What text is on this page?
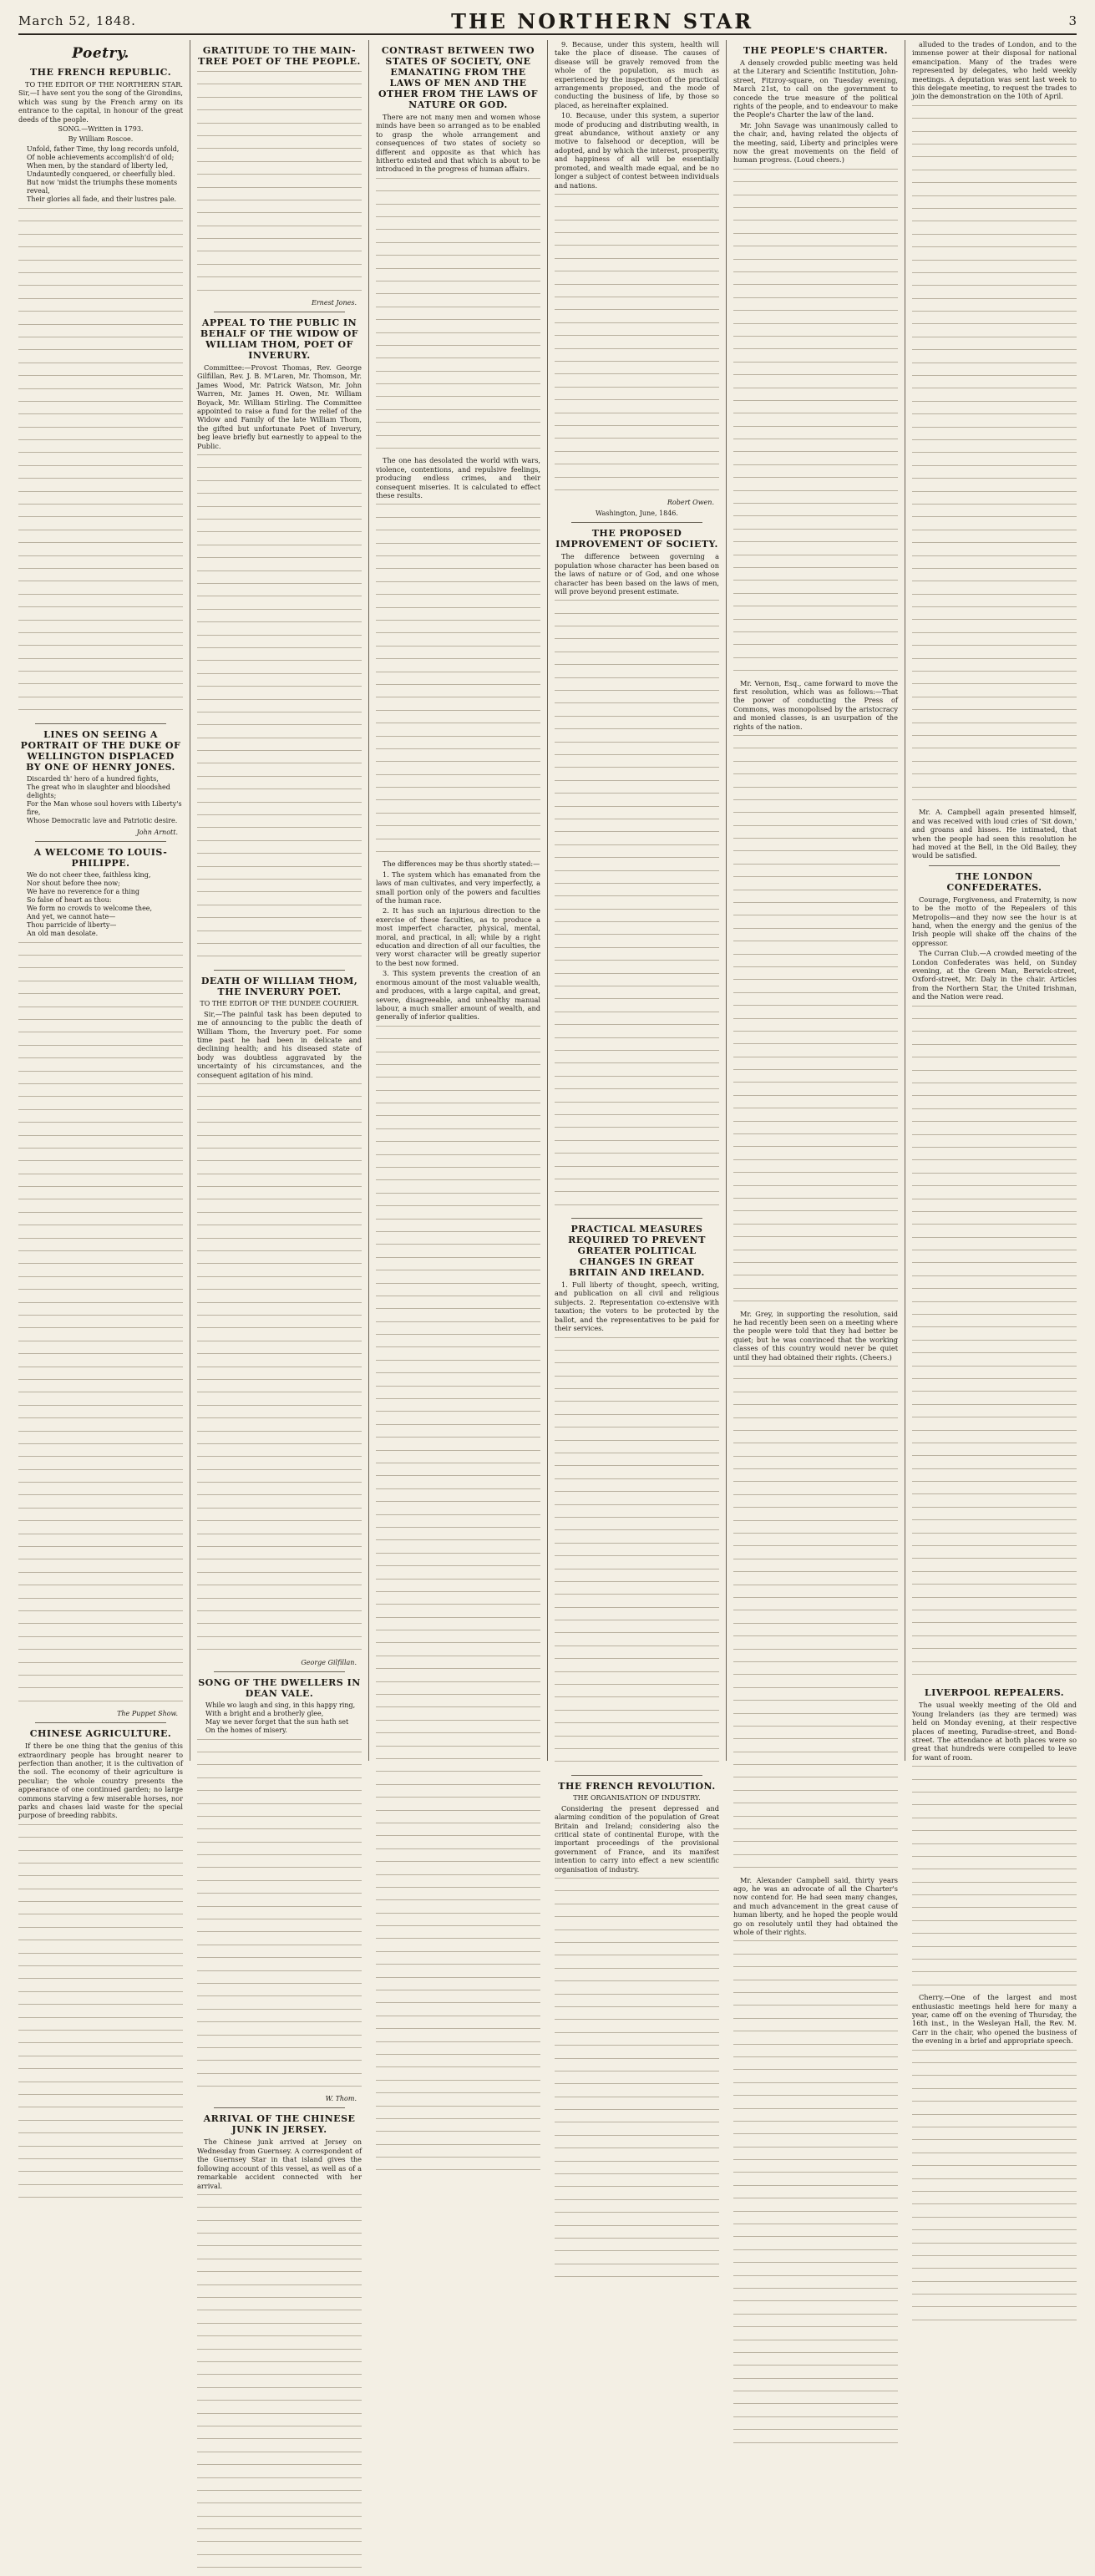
March 52, 1848.	THE NORTHERN STAR	3
Poetry.
THE FRENCH REPUBLIC.

TO THE EDITOR OF THE NORTHERN STAR. Sir,—I have sent you the song of the Girondins, which was sung by the French army on its entrance to the capital, in honour of the great deeds of the people.

SONG.—Written in 1793.
By William Roscoe.
Unfold, father Time, thy long records unfold,
Of noble achievements accomplish'd of old;
When men, by the standard of liberty led,
Undauntedly conquered, or cheerfully bled.
But now 'midst the triumphs these moments reveal,
Their glories all fade, and their lustres pale.
LINES ON SEEING A PORTRAIT OF THE DUKE OF WELLINGTON DISPLACED BY ONE OF HENRY JONES.
Discarded th' hero of a hundred fights,
The great who in slaughter and bloodshed delights;
For the Man whose soul hovers with Liberty's fire,
Whose Democratic lave and Patriotic desire.
John Arnott.
A WELCOME TO LOUIS-PHILIPPE.
We do not cheer thee, faithless king,
Nor shout before thee now;
We have no reverence for a thing
So false of heart as thou:
We form no crowds to welcome thee,
And yet, we cannot hate—
Thou parricide of liberty—
An old man desolate.
The Puppet Show.
CHINESE AGRICULTURE.

If there be one thing that the genius of this extraordinary people has brought nearer to perfection than another, it is the cultivation of the soil. The economy of their agriculture is peculiar; the whole country presents the appearance of one continued garden; no large commons starving a few miserable horses, nor parks and chases laid waste for the special purpose of breeding rabbits.

GRATITUDE TO THE MAIN-TREE POET OF THE PEOPLE.
Ernest Jones.
APPEAL TO THE PUBLIC IN BEHALF OF THE WIDOW OF WILLIAM THOM, POET OF INVERURY.

Committee:—Provost Thomas, Rev. George Gilfillan, Rev. J. B. M'Laren, Mr. Thomson, Mr. James Wood, Mr. Patrick Watson, Mr. John Warren, Mr. James H. Owen, Mr. William Boyack, Mr. William Stirling. The Committee appointed to raise a fund for the relief of the Widow and Family of the late William Thom, the gifted but unfortunate Poet of Inverury, beg leave briefly but earnestly to appeal to the Public.

DEATH OF WILLIAM THOM, THE INVERURY POET.
TO THE EDITOR OF THE DUNDEE COURIER.

Sir,—The painful task has been deputed to me of announcing to the public the death of William Thom, the Inverury poet. For some time past he had been in delicate and declining health; and his diseased state of body was doubtless aggravated by the uncertainty of his circumstances, and the consequent agitation of his mind.

George Gilfillan.
SONG OF THE DWELLERS IN DEAN VALE.
While wo laugh and sing, in this happy ring,
With a bright and a brotherly glee,
May we never forget that the sun hath set
On the homes of misery.
W. Thom.
ARRIVAL OF THE CHINESE JUNK IN JERSEY.

The Chinese junk arrived at Jersey on Wednesday from Guernsey. A correspondent of the Guernsey Star in that island gives the following account of this vessel, as well as of a remarkable accident connected with her arrival.

CONTRAST BETWEEN TWO STATES OF SOCIETY, ONE EMANATING FROM THE LAWS OF MEN AND THE OTHER FROM THE LAWS OF NATURE OR GOD.

There are not many men and women whose minds have been so arranged as to be enabled to grasp the whole arrangement and consequences of two states of society so different and opposite as that which has hitherto existed and that which is about to be introduced in the progress of human affairs.

The one has desolated the world with wars, violence, contentions, and repulsive feelings, producing endless crimes, and their consequent miseries. It is calculated to effect these results.

The differences may be thus shortly stated:—

1. The system which has emanated from the laws of man cultivates, and very imperfectly, a small portion only of the powers and faculties of the human race.

2. It has such an injurious direction to the exercise of these faculties, as to produce a most imperfect character, physical, mental, moral, and practical, in all; while by a right education and direction of all our faculties, the very worst character will be greatly superior to the best now formed.

3. This system prevents the creation of an enormous amount of the most valuable wealth, and produces, with a large capital, and great, severe, disagreeable, and unhealthy manual labour, a much smaller amount of wealth, and generally of inferior qualities.

9. Because, under this system, health will take the place of disease. The causes of disease will be gravely removed from the whole of the population, as much as experienced by the inspection of the practical arrangements proposed, and the mode of conducting the business of life, by those so placed, as hereinafter explained.

10. Because, under this system, a superior mode of producing and distributing wealth, in great abundance, without anxiety or any motive to falsehood or deception, will be adopted, and by which the interest, prosperity, and happiness of all will be essentially promoted, and wealth made equal, and be no longer a subject of contest between individuals and nations.

Robert Owen.
Washington, June, 1846.
THE PROPOSED IMPROVEMENT OF SOCIETY.

The difference between governing a population whose character has been based on the laws of nature or of God, and one whose character has been based on the laws of men, will prove beyond present estimate.

PRACTICAL MEASURES REQUIRED TO PREVENT GREATER POLITICAL CHANGES IN GREAT BRITAIN AND IRELAND.

1. Full liberty of thought, speech, writing, and publication on all civil and religious subjects. 2. Representation co-extensive with taxation; the voters to be protected by the ballot, and the representatives to be paid for their services.

THE FRENCH REVOLUTION.
THE ORGANISATION OF INDUSTRY.

Considering the present depressed and alarming condition of the population of Great Britain and Ireland; considering also the critical state of continental Europe, with the important proceedings of the provisional government of France, and its manifest intention to carry into effect a new scientific organisation of industry.

THE PEOPLE'S CHARTER.

A densely crowded public meeting was held at the Literary and Scientific Institution, John-street, Fitzroy-square, on Tuesday evening, March 21st, to call on the government to concede the true measure of the political rights of the people, and to endeavour to make the People's Charter the law of the land.

Mr. John Savage was unanimously called to the chair, and, having related the objects of the meeting, said, Liberty and principles were now the great movements on the field of human progress. (Loud cheers.)

Mr. Vernon, Esq., came forward to move the first resolution, which was as follows:—That the power of conducting the Press of Commons, was monopolised by the aristocracy and monied classes, is an usurpation of the rights of the nation.

Mr. Grey, in supporting the resolution, said he had recently been seen on a meeting where the people were told that they had better be quiet; but he was convinced that the working classes of this country would never be quiet until they had obtained their rights. (Cheers.)

Mr. Alexander Campbell said, thirty years ago, he was an advocate of all the Charter's now contend for. He had seen many changes, and much advancement in the great cause of human liberty, and he hoped the people would go on resolutely until they had obtained the whole of their rights.

alluded to the trades of London, and to the immense power at their disposal for national emancipation. Many of the trades were represented by delegates, who held weekly meetings. A deputation was sent last week to this delegate meeting, to request the trades to join the demonstration on the 10th of April.

Mr. A. Campbell again presented himself, and was received with loud cries of 'Sit down,' and groans and hisses. He intimated, that when the people had seen this resolution he had moved at the Bell, in the Old Bailey, they would be satisfied.

THE LONDON CONFEDERATES.

Courage, Forgiveness, and Fraternity, is now to be the motto of the Repealers of this Metropolis—and they now see the hour is at hand, when the energy and the genius of the Irish people will shake off the chains of the oppressor.

The Curran Club.—A crowded meeting of the London Confederates was held, on Sunday evening, at the Green Man, Berwick-street, Oxford-street, Mr. Daly in the chair. Articles from the Northern Star, the United Irishman, and the Nation were read.

LIVERPOOL REPEALERS.

The usual weekly meeting of the Old and Young Irelanders (as they are termed) was held on Monday evening, at their respective places of meeting, Paradise-street, and Bond-street. The attendance at both places were so great that hundreds were compelled to leave for want of room.

Cherry.—One of the largest and most enthusiastic meetings held here for many a year, came off on the evening of Thursday, the 16th inst., in the Wesleyan Hall, the Rev. M. Carr in the chair, who opened the business of the evening in a brief and appropriate speech.
